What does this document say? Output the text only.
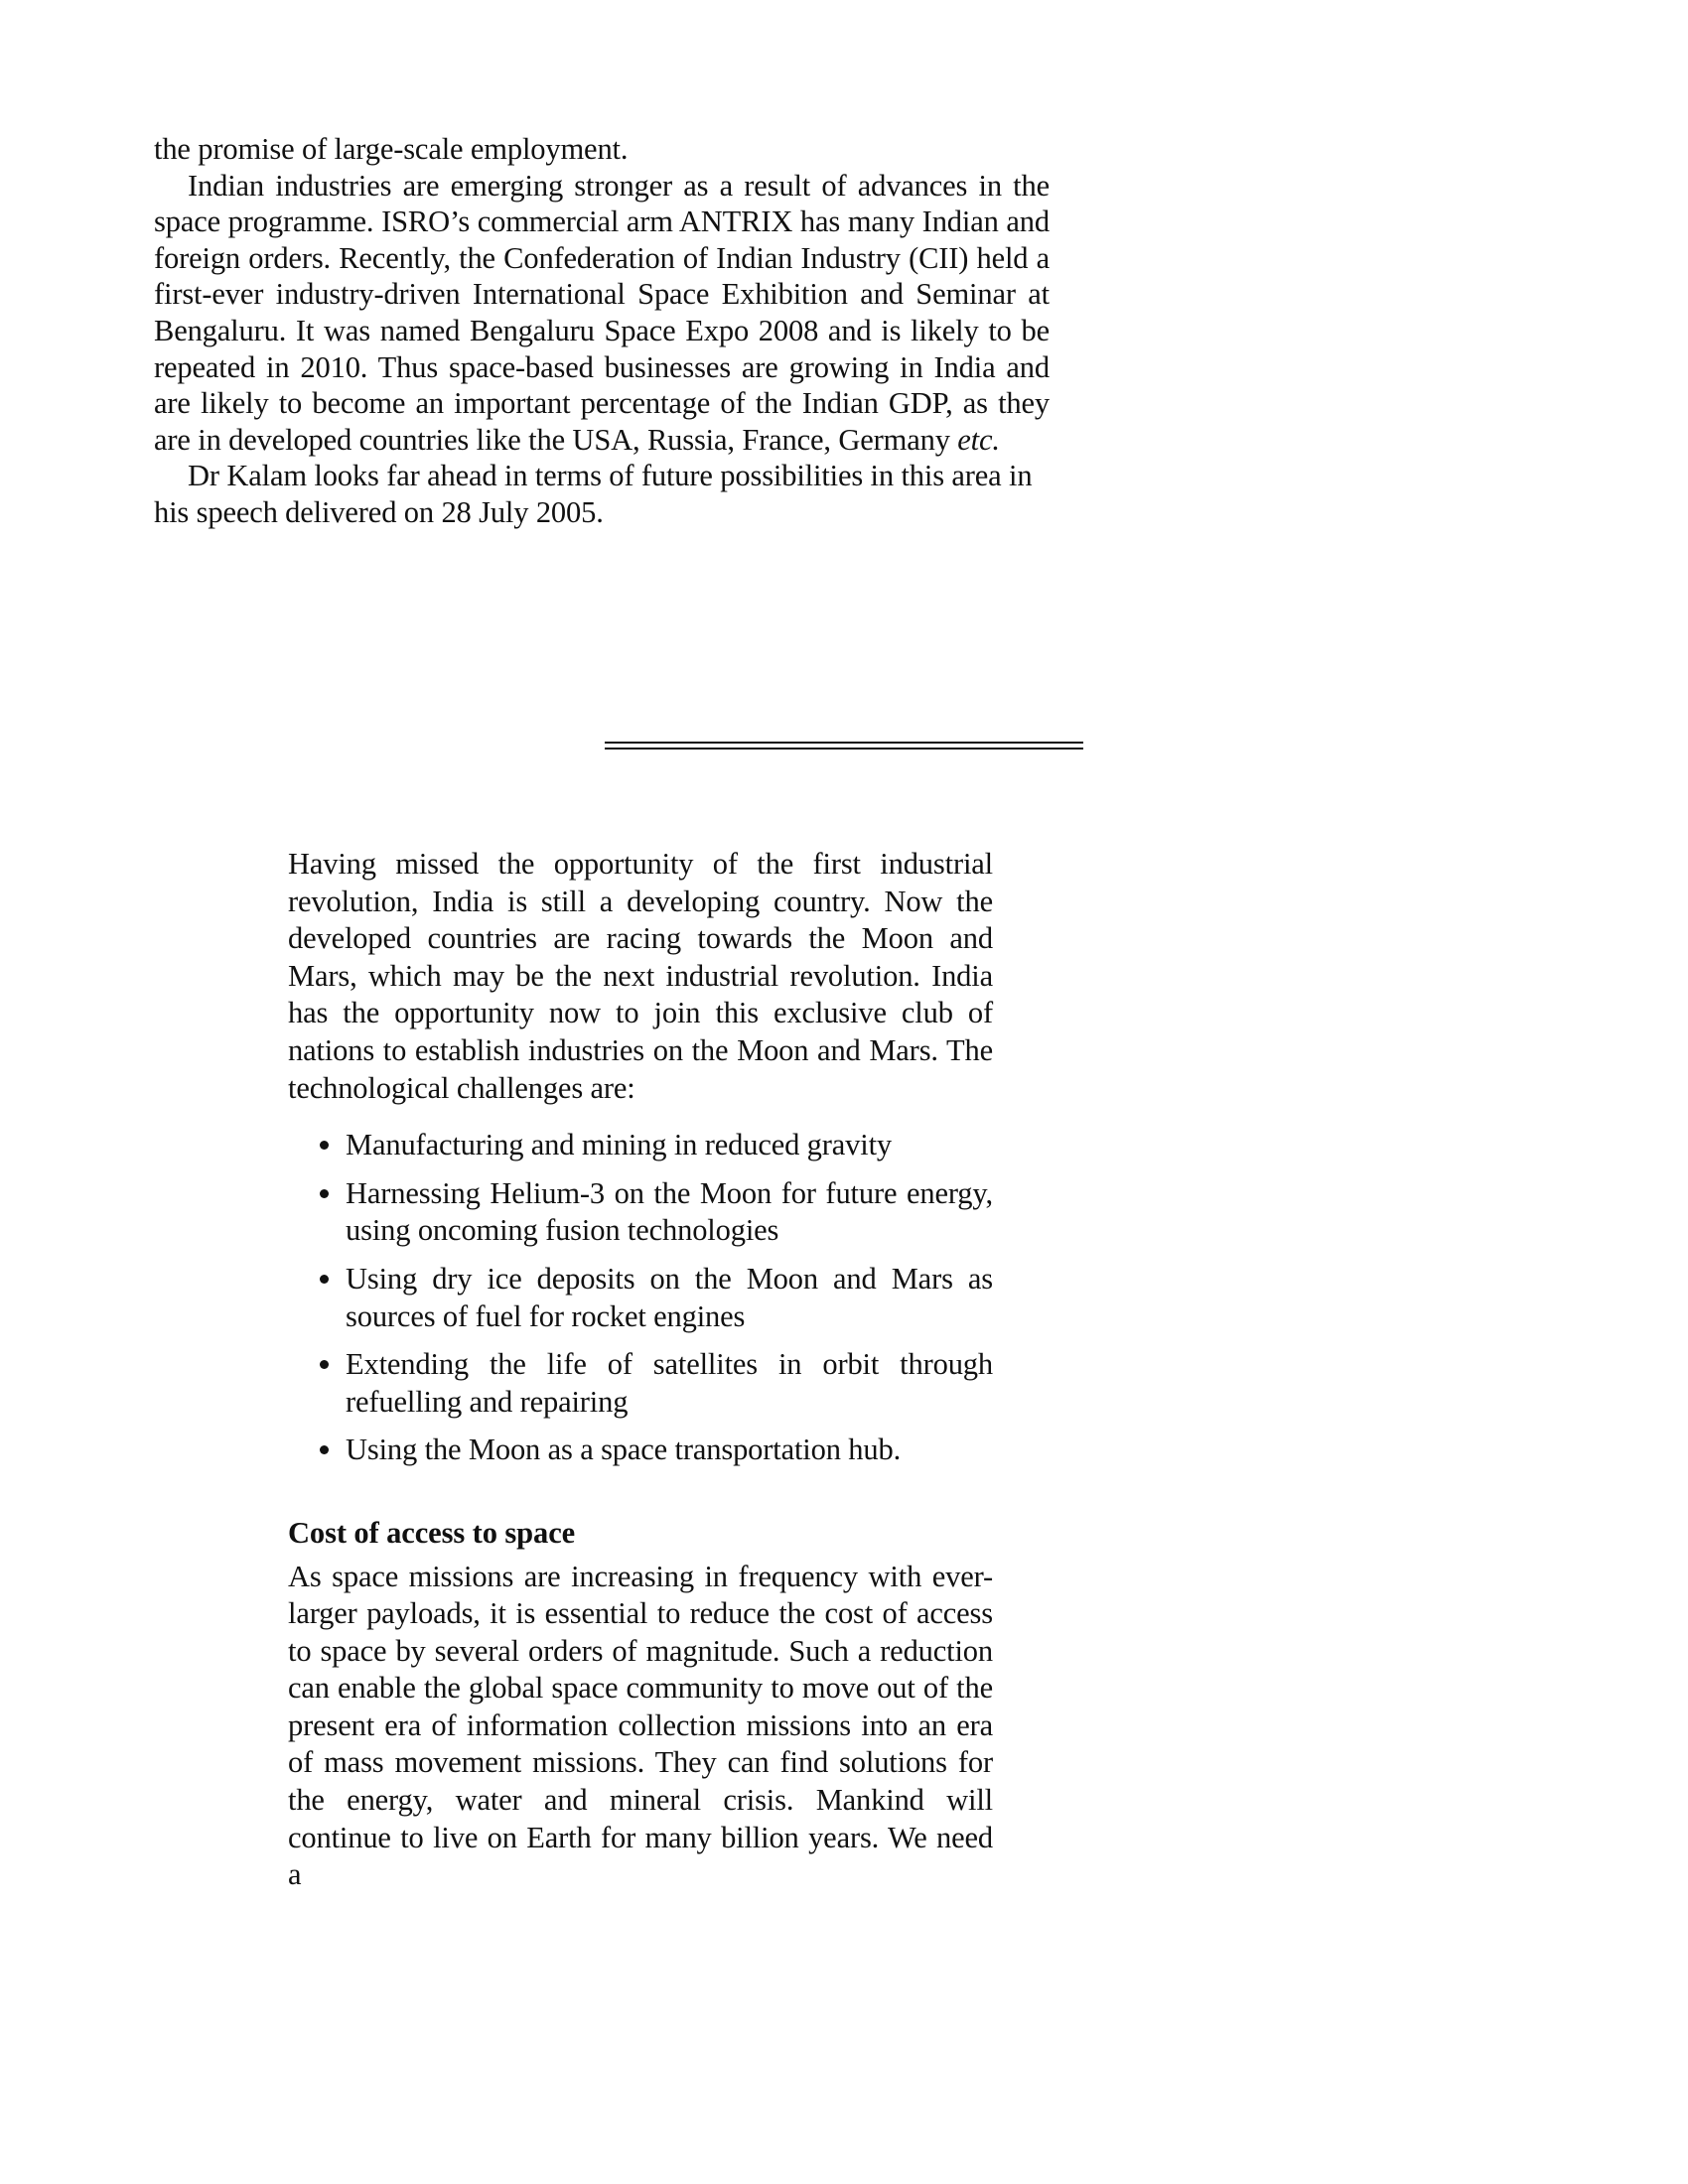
the promise of large-scale employment.

Indian industries are emerging stronger as a result of advances in the space programme. ISRO’s commercial arm ANTRIX has many Indian and foreign orders. Recently, the Confederation of Indian Industry (CII) held a first-ever industry-driven International Space Exhibition and Seminar at Bengaluru. It was named Bengaluru Space Expo 2008 and is likely to be repeated in 2010. Thus space-based businesses are growing in India and are likely to become an important percentage of the Indian GDP, as they are in developed countries like the USA, Russia, France, Germany etc.

Dr Kalam looks far ahead in terms of future possibilities in this area in his speech delivered on 28 July 2005.

Having missed the opportunity of the first industrial revolution, India is still a developing country. Now the developed countries are racing towards the Moon and Mars, which may be the next industrial revolution. India has the opportunity now to join this exclusive club of nations to establish industries on the Moon and Mars. The technological challenges are:

Manufacturing and mining in reduced gravity
Harnessing Helium-3 on the Moon for future energy, using oncoming fusion technologies
Using dry ice deposits on the Moon and Mars as sources of fuel for rocket engines
Extending the life of satellites in orbit through refuelling and repairing
Using the Moon as a space transportation hub.
Cost of access to space

As space missions are increasing in frequency with ever-larger payloads, it is essential to reduce the cost of access to space by several orders of magnitude. Such a reduction can enable the global space community to move out of the present era of information collection missions into an era of mass movement missions. They can find solutions for the energy, water and mineral crisis. Mankind will continue to live on Earth for many billion years. We need a
